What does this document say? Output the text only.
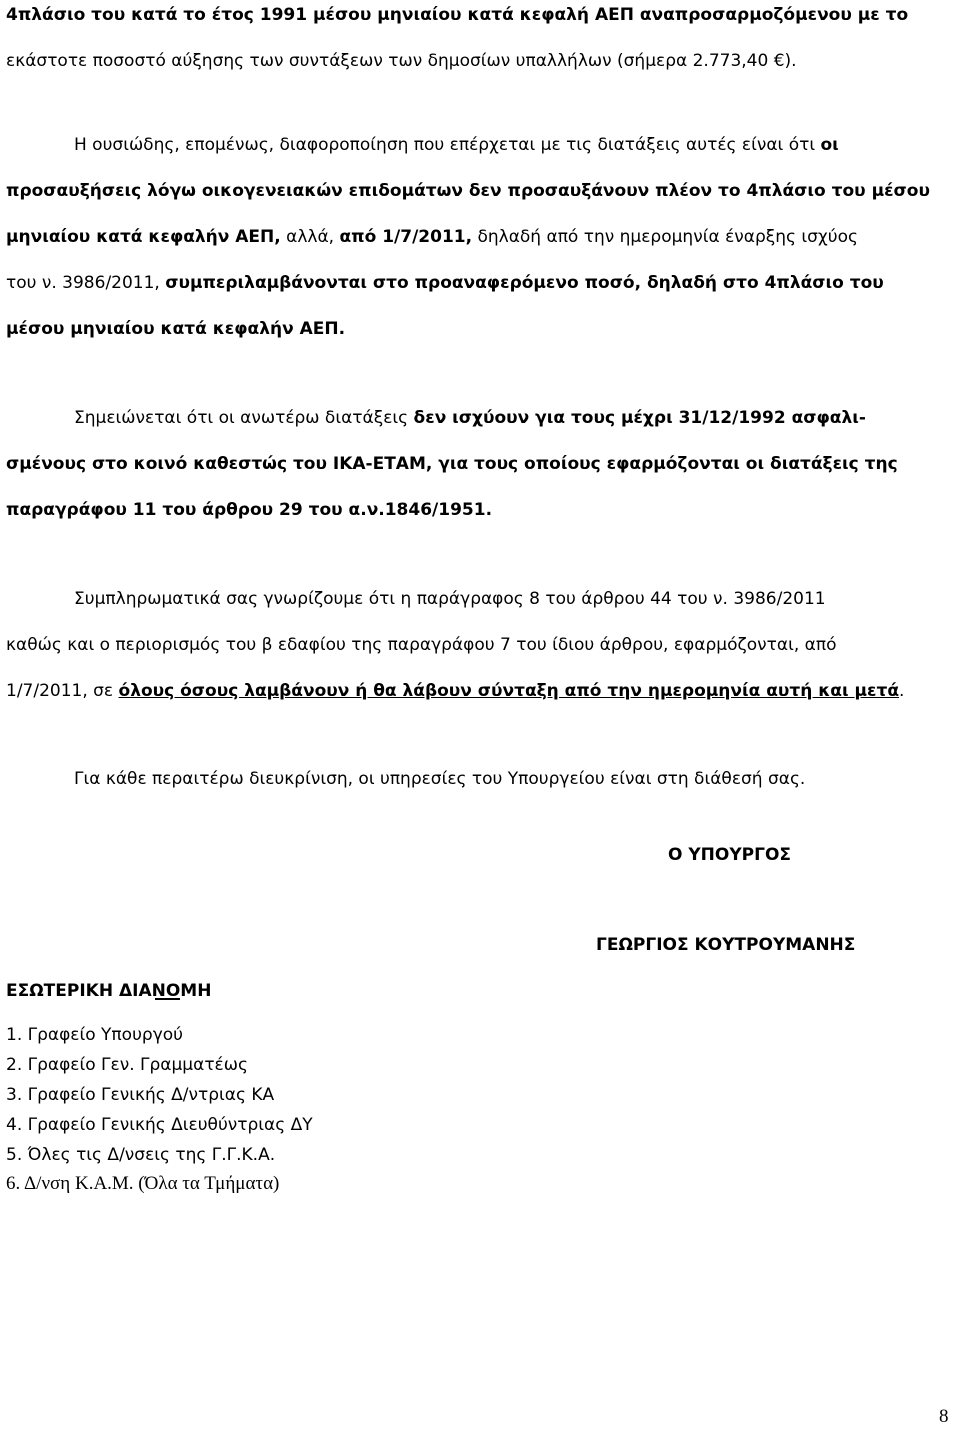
4πλάσιο του κατά το έτος 1991 μέσου μηνιαίου κατά κεφαλή ΑΕΠ αναπροσαρμοζόμενου με το
εκάστοτε ποσοστό αύξησης των συντάξεων των δημοσίων υπαλλήλων (σήμερα 2.773,40 €).
Η ουσιώδης, επομένως, διαφοροποίηση που επέρχεται με τις διατάξεις αυτές είναι ότι οι
προσαυξήσεις λόγω οικογενειακών επιδομάτων δεν προσαυξάνουν πλέον το 4πλάσιο του μέσου
μηνιαίου κατά κεφαλήν ΑΕΠ, αλλά, από 1/7/2011, δηλαδή από την ημερομηνία έναρξης ισχύος
του ν. 3986/2011, συμπεριλαμβάνονται στο προαναφερόμενο ποσό, δηλαδή στο 4πλάσιο του
μέσου μηνιαίου κατά κεφαλήν ΑΕΠ.
Σημειώνεται ότι οι ανωτέρω διατάξεις δεν ισχύουν για τους μέχρι 31/12/1992 ασφαλι-
σμένους στο κοινό καθεστώς του ΙΚΑ-ΕΤΑΜ, για τους οποίους εφαρμόζονται οι διατάξεις της
παραγράφου 11 του άρθρου 29 του α.ν.1846/1951.
Συμπληρωματικά σας γνωρίζουμε ότι η παράγραφος 8 του άρθρου 44 του ν. 3986/2011
καθώς και ο περιορισμός του β εδαφίου της παραγράφου 7 του ίδιου άρθρου, εφαρμόζονται, από
1/7/2011, σε όλους όσους λαμβάνουν ή θα λάβουν σύνταξη από την ημερομηνία αυτή και μετά.
Για κάθε περαιτέρω διευκρίνιση, οι υπηρεσίες του Υπουργείου είναι στη διάθεσή σας.
Ο ΥΠΟΥΡΓΟΣ
ΓΕΩΡΓΙΟΣ ΚΟΥΤΡΟΥΜΑΝΗΣ
ΕΣΩΤΕΡΙΚΗ ΔΙΑΝΟΜΗ
1. Γραφείο Υπουργού
2. Γραφείο Γεν. Γραμματέως
3. Γραφείο Γενικής Δ/ντριας ΚΑ
4. Γραφείο Γενικής Διευθύντριας ΔΥ
5. Όλες τις Δ/νσεις της Γ.Γ.Κ.Α.
6. Δ/νση Κ.Α.Μ. (Όλα τα Τμήματα)
8
